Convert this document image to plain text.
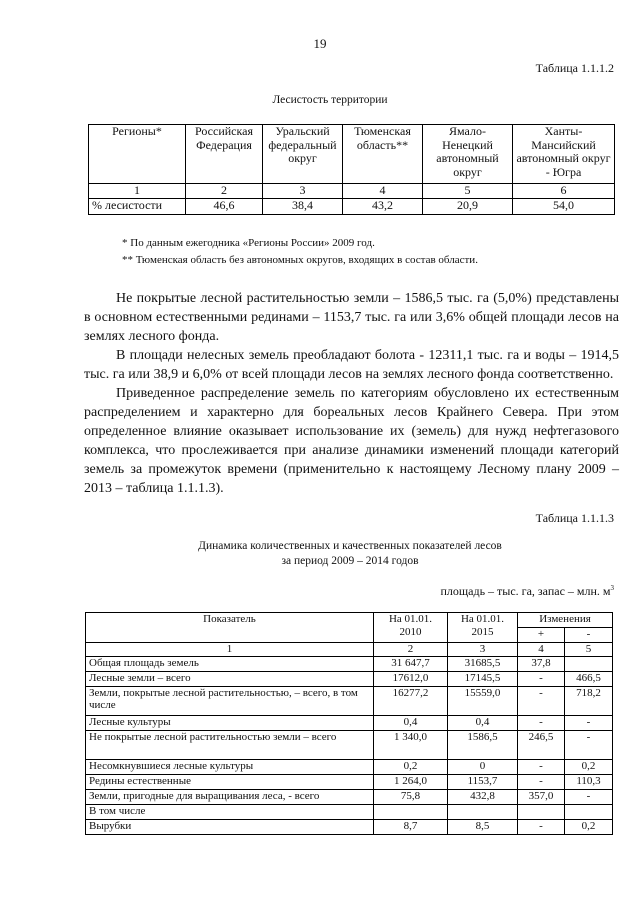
19
Таблица 1.1.1.2
Лесистость территории
Регионы*	Российская Федерация	Уральский федеральный округ	Тюменская область**	Ямало-Ненецкий автономный округ	Ханты-Мансийский автономный округ - Югра
1	2	3	4	5	6
% лесистости	46,6	38,4	43,2	20,9	54,0
* По данным ежегодника «Регионы России» 2009 год.
** Тюменская область без автономных округов, входящих в состав области.

Не покрытые лесной растительностью земли – 1586,5 тыс. га (5,0%) представлены в основном естественными рединами – 1153,7 тыс. га или 3,6% общей площади лесов на землях лесного фонда.

В площади нелесных земель преобладают болота - 12311,1 тыс. га и воды – 1914,5 тыс. га или 38,9 и 6,0% от всей площади лесов на землях лесного фонда соответственно.

Приведенное распределение земель по категориям обусловлено их естественным распределением и характерно для бореальных лесов Крайнего Севера. При этом определенное влияние оказывает использование их (земель) для нужд нефтегазового комплекса, что прослеживается при анализе динамики изменений площади категорий земель за промежуток времени (применительно к настоящему Лесному плану 2009 – 2013 – таблица 1.1.1.3).

Таблица 1.1.1.3
Динамика количественных и качественных показателей лесов
за период 2009 – 2014 годов
площадь – тыс. га, запас – млн. $м^3$
Показатель	На 01.01. 2010	На 01.01. 2015	Изменения	
			+	-
1	2	3	4	5
Общая площадь земель	31 647,7	31685,5	37,8	
Лесные земли – всего	17612,0	17145,5	-	466,5
Земли, покрытые лесной растительностью, – всего, в том числе	16277,2	15559,0	-	718,2
Лесные культуры	0,4	0,4	-	-
Не покрытые лесной растительностью земли – всего	1 340,0	1586,5	246,5	-
Несомкнувшиеся лесные культуры	0,2	0	-	0,2
Редины естественные	1 264,0	1153,7	-	110,3
Земли, пригодные для выращивания леса, - всего	75,8	432,8	357,0	-
В том числе				
Вырубки	8,7	8,5	-	0,2
